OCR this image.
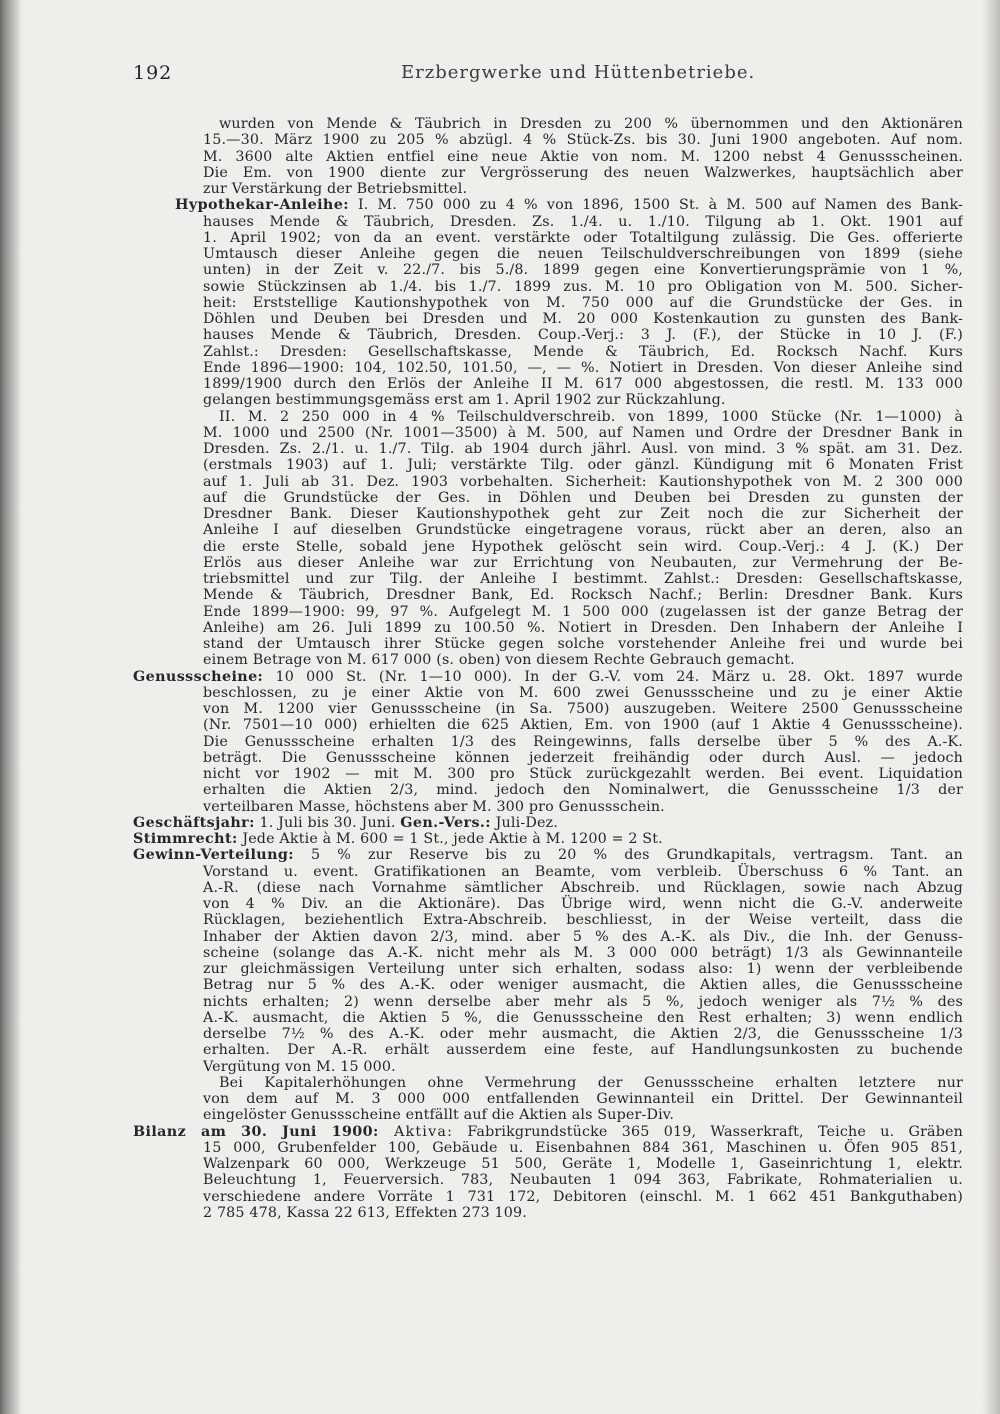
192	Erzbergwerke und Hüttenbetriebe.
wurden von Mende & Täubrich in Dresden zu 200 % übernommen und den Aktionären
15.—30. März 1900 zu 205 % abzügl. 4 % Stück-Zs. bis 30. Juni 1900 angeboten. Auf nom.
M. 3600 alte Aktien entfiel eine neue Aktie von nom. M. 1200 nebst 4 Genussscheinen.
Die Em. von 1900 diente zur Vergrösserung des neuen Walzwerkes, hauptsächlich aber
zur Verstärkung der Betriebsmittel.
Hypothekar-Anleihe: I. M. 750 000 zu 4 % von 1896, 1500 St. à M. 500 auf Namen des Bank-
hauses Mende & Täubrich, Dresden. Zs. 1./4. u. 1./10. Tilgung ab 1. Okt. 1901 auf
1. April 1902; von da an event. verstärkte oder Totaltilgung zulässig. Die Ges. offerierte
Umtausch dieser Anleihe gegen die neuen Teilschuldverschreibungen von 1899 (siehe
unten) in der Zeit v. 22./7. bis 5./8. 1899 gegen eine Konvertierungsprämie von 1 %,
sowie Stückzinsen ab 1./4. bis 1./7. 1899 zus. M. 10 pro Obligation von M. 500. Sicher-
heit: Erststellige Kautionshypothek von M. 750 000 auf die Grundstücke der Ges. in
Döhlen und Deuben bei Dresden und M. 20 000 Kostenkaution zu gunsten des Bank-
hauses Mende & Täubrich, Dresden. Coup.-Verj.: 3 J. (F.), der Stücke in 10 J. (F.)
Zahlst.: Dresden: Gesellschaftskasse, Mende & Täubrich, Ed. Rocksch Nachf. Kurs
Ende 1896—1900: 104, 102.50, 101.50, —, — %. Notiert in Dresden. Von dieser Anleihe sind
1899/1900 durch den Erlös der Anleihe II M. 617 000 abgestossen, die restl. M. 133 000
gelangen bestimmungsgemäss erst am 1. April 1902 zur Rückzahlung.
II. M. 2 250 000 in 4 % Teilschuldverschreib. von 1899, 1000 Stücke (Nr. 1—1000) à
M. 1000 und 2500 (Nr. 1001—3500) à M. 500, auf Namen und Ordre der Dresdner Bank in
Dresden. Zs. 2./1. u. 1./7. Tilg. ab 1904 durch jährl. Ausl. von mind. 3 % spät. am 31. Dez.
(erstmals 1903) auf 1. Juli; verstärkte Tilg. oder gänzl. Kündigung mit 6 Monaten Frist
auf 1. Juli ab 31. Dez. 1903 vorbehalten. Sicherheit: Kautionshypothek von M. 2 300 000
auf die Grundstücke der Ges. in Döhlen und Deuben bei Dresden zu gunsten der
Dresdner Bank. Dieser Kautionshypothek geht zur Zeit noch die zur Sicherheit der
Anleihe I auf dieselben Grundstücke eingetragene voraus, rückt aber an deren, also an
die erste Stelle, sobald jene Hypothek gelöscht sein wird. Coup.-Verj.: 4 J. (K.) Der
Erlös aus dieser Anleihe war zur Errichtung von Neubauten, zur Vermehrung der Be-
triebsmittel und zur Tilg. der Anleihe I bestimmt. Zahlst.: Dresden: Gesellschaftskasse,
Mende & Täubrich, Dresdner Bank, Ed. Rocksch Nachf.; Berlin: Dresdner Bank. Kurs
Ende 1899—1900: 99, 97 %. Aufgelegt M. 1 500 000 (zugelassen ist der ganze Betrag der
Anleihe) am 26. Juli 1899 zu 100.50 %. Notiert in Dresden. Den Inhabern der Anleihe I
stand der Umtausch ihrer Stücke gegen solche vorstehender Anleihe frei und wurde bei
einem Betrage von M. 617 000 (s. oben) von diesem Rechte Gebrauch gemacht.
Genussscheine: 10 000 St. (Nr. 1—10 000). In der G.-V. vom 24. März u. 28. Okt. 1897 wurde
beschlossen, zu je einer Aktie von M. 600 zwei Genussscheine und zu je einer Aktie
von M. 1200 vier Genussscheine (in Sa. 7500) auszugeben. Weitere 2500 Genussscheine
(Nr. 7501—10 000) erhielten die 625 Aktien, Em. von 1900 (auf 1 Aktie 4 Genussscheine).
Die Genussscheine erhalten 1/3 des Reingewinns, falls derselbe über 5 % des A.-K.
beträgt. Die Genussscheine können jederzeit freihändig oder durch Ausl. — jedoch
nicht vor 1902 — mit M. 300 pro Stück zurückgezahlt werden. Bei event. Liquidation
erhalten die Aktien 2/3, mind. jedoch den Nominalwert, die Genussscheine 1/3 der
verteilbaren Masse, höchstens aber M. 300 pro Genussschein.
Geschäftsjahr: 1. Juli bis 30. Juni. Gen.-Vers.: Juli-Dez.
Stimmrecht: Jede Aktie à M. 600 = 1 St., jede Aktie à M. 1200 = 2 St.
Gewinn-Verteilung: 5 % zur Reserve bis zu 20 % des Grundkapitals, vertragsm. Tant. an
Vorstand u. event. Gratifikationen an Beamte, vom verbleib. Überschuss 6 % Tant. an
A.-R. (diese nach Vornahme sämtlicher Abschreib. und Rücklagen, sowie nach Abzug
von 4 % Div. an die Aktionäre). Das Übrige wird, wenn nicht die G.-V. anderweite
Rücklagen, beziehentlich Extra-Abschreib. beschliesst, in der Weise verteilt, dass die
Inhaber der Aktien davon 2/3, mind. aber 5 % des A.-K. als Div., die Inh. der Genuss-
scheine (solange das A.-K. nicht mehr als M. 3 000 000 beträgt) 1/3 als Gewinnanteile
zur gleichmässigen Verteilung unter sich erhalten, sodass also: 1) wenn der verbleibende
Betrag nur 5 % des A.-K. oder weniger ausmacht, die Aktien alles, die Genussscheine
nichts erhalten; 2) wenn derselbe aber mehr als 5 %, jedoch weniger als 7½ % des
A.-K. ausmacht, die Aktien 5 %, die Genussscheine den Rest erhalten; 3) wenn endlich
derselbe 7½ % des A.-K. oder mehr ausmacht, die Aktien 2/3, die Genussscheine 1/3
erhalten. Der A.-R. erhält ausserdem eine feste, auf Handlungsunkosten zu buchende
Vergütung von M. 15 000.
Bei Kapitalerhöhungen ohne Vermehrung der Genussscheine erhalten letztere nur
von dem auf M. 3 000 000 entfallenden Gewinnanteil ein Drittel. Der Gewinnanteil
eingelöster Genussscheine entfällt auf die Aktien als Super-Div.
Bilanz am 30. Juni 1900: Aktiva: Fabrikgrundstücke 365 019, Wasserkraft, Teiche u. Gräben
15 000, Grubenfelder 100, Gebäude u. Eisenbahnen 884 361, Maschinen u. Öfen 905 851,
Walzenpark 60 000, Werkzeuge 51 500, Geräte 1, Modelle 1, Gaseinrichtung 1, elektr.
Beleuchtung 1, Feuerversich. 783, Neubauten 1 094 363, Fabrikate, Rohmaterialien u.
verschiedene andere Vorräte 1 731 172, Debitoren (einschl. M. 1 662 451 Bankguthaben)
2 785 478, Kassa 22 613, Effekten 273 109.
